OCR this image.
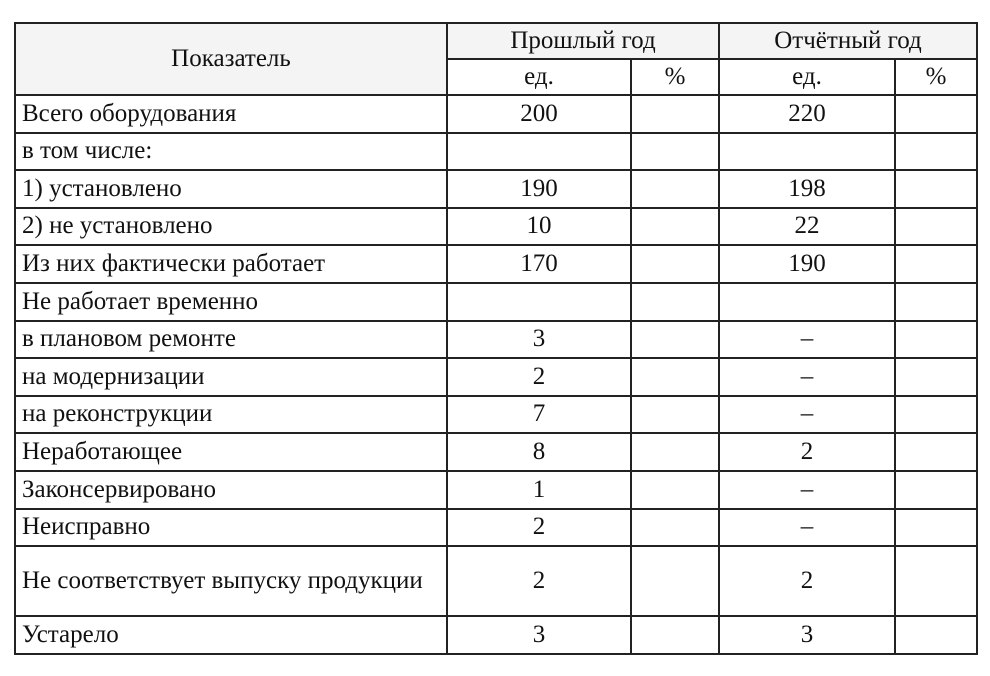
Показатель	Прошлый год		Отчётный год	
	ед.	%	ед.	%
Всего оборудования	200		220	
в том числе:				
1) установлено	190		198	
2) не установлено	10		22	
Из них фактически работает	170		190	
Не работает временно				
в плановом ремонте	3		–	
на модернизации	2		–	
на реконструкции	7		–	
Неработающее	8		2	
Законсервировано	1		–	
Неисправно	2		–	
Не соответствует выпуску продукции	2		2	
Устарело	3		3	
